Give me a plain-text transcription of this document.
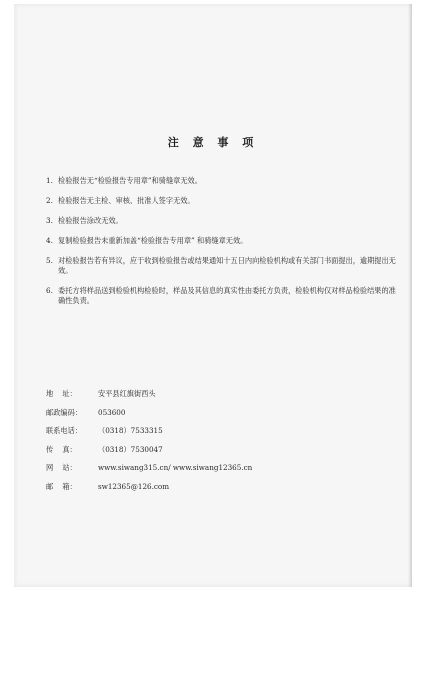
注 意 事 项
1. 检验报告无“检验报告专用章”和骑缝章无效。
2. 检验报告无主检、审核、批准人签字无效。
3. 检验报告涂改无效。
4. 复制检验报告未重新加盖“检验报告专用章” 和骑缝章无效。
5. 对检验报告若有异议，应于收到检验报告或结果通知十五日内向检验机构或有关部门书面提出，逾期提出无效。
6. 委托方将样品送到检验机构检验时，样品及其信息的真实性由委托方负责，检验机构仅对样品检验结果的准确性负责。
地    址：	安平县红旗街西头
邮政编码：	053600
联系电话：	（0318）7533315
传    真：	（0318）7530047
网    站：	www.siwang315.cn/ www.siwang12365.cn
邮    箱：	sw12365@126.com
